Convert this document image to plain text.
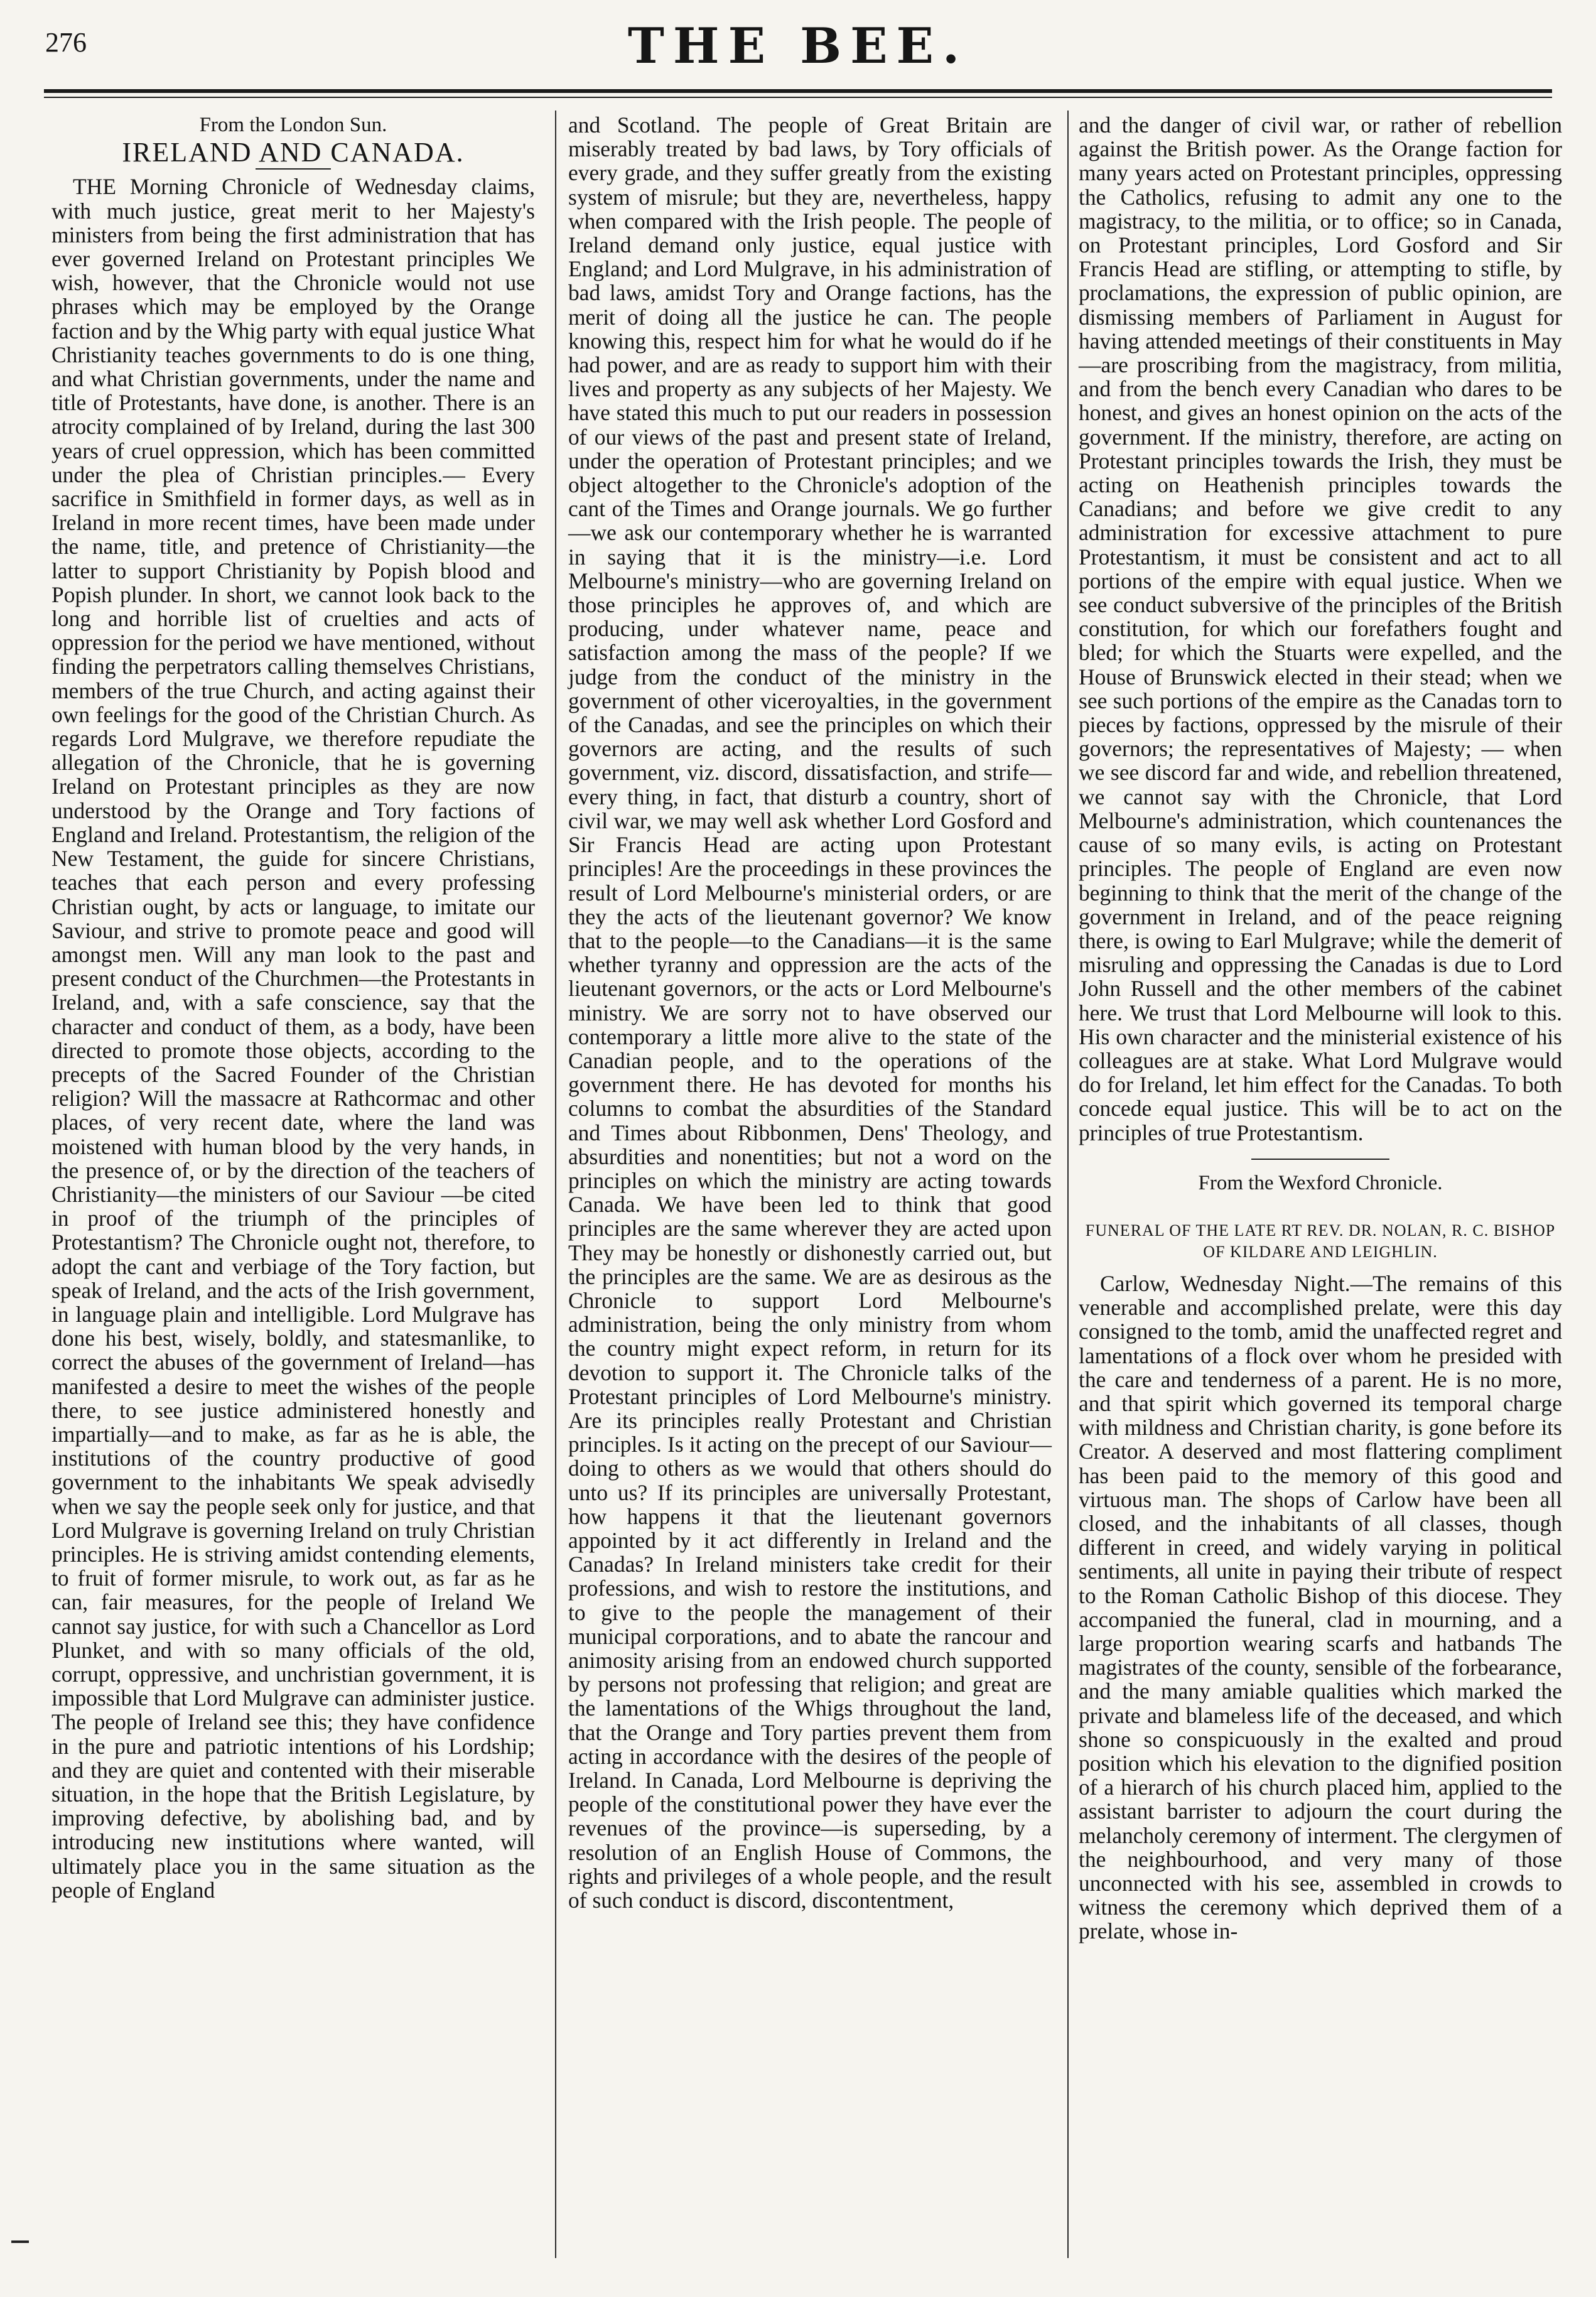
276	THE BEE.
From the London Sun.
IRELAND AND CANADA.

THE Morning Chronicle of Wednesday claims, with much justice, great merit to her Majesty's ministers from being the first administration that has ever governed Ireland on Protestant principles We wish, however, that the Chronicle would not use phrases which may be employed by the Orange faction and by the Whig party with equal justice What Christianity teaches governments to do is one thing, and what Christian governments, under the name and title of Protestants, have done, is another. There is an atrocity complained of by Ireland, during the last 300 years of cruel oppression, which has been committed under the plea of Christian principles.— Every sacrifice in Smithfield in former days, as well as in Ireland in more recent times, have been made under the name, title, and pretence of Christianity—the latter to support Christianity by Popish blood and Popish plunder. In short, we cannot look back to the long and horrible list of cruelties and acts of oppression for the period we have mentioned, without finding the perpetrators calling themselves Christians, members of the true Church, and acting against their own feelings for the good of the Christian Church. As regards Lord Mulgrave, we therefore repudiate the allegation of the Chronicle, that he is governing Ireland on Protestant principles as they are now understood by the Orange and Tory factions of England and Ireland. Protestantism, the religion of the New Testament, the guide for sincere Christians, teaches that each person and every professing Christian ought, by acts or language, to imitate our Saviour, and strive to promote peace and good will amongst men. Will any man look to the past and present conduct of the Churchmen—the Protestants in Ireland, and, with a safe conscience, say that the character and conduct of them, as a body, have been directed to promote those objects, according to the precepts of the Sacred Founder of the Christian religion? Will the massacre at Rathcormac and other places, of very recent date, where the land was moistened with human blood by the very hands, in the presence of, or by the direction of the teachers of Christianity—the ministers of our Saviour —be cited in proof of the triumph of the principles of Protestantism? The Chronicle ought not, therefore, to adopt the cant and verbiage of the Tory faction, but speak of Ireland, and the acts of the Irish government, in language plain and intelligible. Lord Mulgrave has done his best, wisely, boldly, and statesmanlike, to correct the abuses of the government of Ireland—has manifested a desire to meet the wishes of the people there, to see justice administered honestly and impartially—and to make, as far as he is able, the institutions of the country productive of good government to the inhabitants We speak advisedly when we say the people seek only for justice, and that Lord Mulgrave is governing Ireland on truly Christian principles. He is striving amidst contending elements, to fruit of former misrule, to work out, as far as he can, fair measures, for the people of Ireland We cannot say justice, for with such a Chancellor as Lord Plunket, and with so many officials of the old, corrupt, oppressive, and unchristian government, it is impossible that Lord Mulgrave can administer justice. The people of Ireland see this; they have confidence in the pure and patriotic intentions of his Lordship; and they are quiet and contented with their miserable situation, in the hope that the British Legislature, by improving defective, by abolishing bad, and by introducing new institutions where wanted, will ultimately place you in the same situation as the people of England

and Scotland. The people of Great Britain are miserably treated by bad laws, by Tory officials of every grade, and they suffer greatly from the existing system of misrule; but they are, nevertheless, happy when compared with the Irish people. The people of Ireland demand only justice, equal justice with England; and Lord Mulgrave, in his administration of bad laws, amidst Tory and Orange factions, has the merit of doing all the justice he can. The people knowing this, respect him for what he would do if he had power, and are as ready to support him with their lives and property as any subjects of her Majesty. We have stated this much to put our readers in possession of our views of the past and present state of Ireland, under the operation of Protestant principles; and we object altogether to the Chronicle's adoption of the cant of the Times and Orange journals. We go further—we ask our contemporary whether he is warranted in saying that it is the ministry—i.e. Lord Melbourne's ministry—who are governing Ireland on those principles he approves of, and which are producing, under whatever name, peace and satisfaction among the mass of the people? If we judge from the conduct of the ministry in the government of other viceroyalties, in the government of the Canadas, and see the principles on which their governors are acting, and the results of such government, viz. discord, dissatisfaction, and strife—every thing, in fact, that disturb a country, short of civil war, we may well ask whether Lord Gosford and Sir Francis Head are acting upon Protestant principles! Are the proceedings in these provinces the result of Lord Melbourne's ministerial orders, or are they the acts of the lieutenant governor? We know that to the people—to the Canadians—it is the same whether tyranny and oppression are the acts of the lieutenant governors, or the acts or Lord Melbourne's ministry. We are sorry not to have observed our contemporary a little more alive to the state of the Canadian people, and to the operations of the government there. He has devoted for months his columns to combat the absurdities of the Standard and Times about Ribbonmen, Dens' Theology, and absurdities and nonentities; but not a word on the principles on which the ministry are acting towards Canada. We have been led to think that good principles are the same wherever they are acted upon They may be honestly or dishonestly carried out, but the principles are the same. We are as desirous as the Chronicle to support Lord Melbourne's administration, being the only ministry from whom the country might expect reform, in return for its devotion to support it. The Chronicle talks of the Protestant principles of Lord Melbourne's ministry. Are its principles really Protestant and Christian principles. Is it acting on the precept of our Saviour—doing to others as we would that others should do unto us? If its principles are universally Protestant, how happens it that the lieutenant governors appointed by it act differently in Ireland and the Canadas? In Ireland ministers take credit for their professions, and wish to restore the institutions, and to give to the people the management of their municipal corporations, and to abate the rancour and animosity arising from an endowed church supported by persons not professing that religion; and great are the lamentations of the Whigs throughout the land, that the Orange and Tory parties prevent them from acting in accordance with the desires of the people of Ireland. In Canada, Lord Melbourne is depriving the people of the constitutional power they have ever the revenues of the province—is superseding, by a resolution of an English House of Commons, the rights and privileges of a whole people, and the result of such conduct is discord, discontentment,

and the danger of civil war, or rather of rebellion against the British power. As the Orange faction for many years acted on Protestant principles, oppressing the Catholics, refusing to admit any one to the magistracy, to the militia, or to office; so in Canada, on Protestant principles, Lord Gosford and Sir Francis Head are stifling, or attempting to stifle, by proclamations, the expression of public opinion, are dismissing members of Parliament in August for having attended meetings of their constituents in May—are proscribing from the magistracy, from militia, and from the bench every Canadian who dares to be honest, and gives an honest opinion on the acts of the government. If the ministry, therefore, are acting on Protestant principles towards the Irish, they must be acting on Heathenish principles towards the Canadians; and before we give credit to any administration for excessive attachment to pure Protestantism, it must be consistent and act to all portions of the empire with equal justice. When we see conduct subversive of the principles of the British constitution, for which our forefathers fought and bled; for which the Stuarts were expelled, and the House of Brunswick elected in their stead; when we see such portions of the empire as the Canadas torn to pieces by factions, oppressed by the misrule of their governors; the representatives of Majesty; — when we see discord far and wide, and rebellion threatened, we cannot say with the Chronicle, that Lord Melbourne's administration, which countenances the cause of so many evils, is acting on Protestant principles. The people of England are even now beginning to think that the merit of the change of the government in Ireland, and of the peace reigning there, is owing to Earl Mulgrave; while the demerit of misruling and oppressing the Canadas is due to Lord John Russell and the other members of the cabinet here. We trust that Lord Melbourne will look to this. His own character and the ministerial existence of his colleagues are at stake. What Lord Mulgrave would do for Ireland, let him effect for the Canadas. To both concede equal justice. This will be to act on the principles of true Protestantism.

From the Wexford Chronicle.
FUNERAL OF THE LATE RT REV. DR. NOLAN, R. C. BISHOP OF KILDARE AND LEIGHLIN.

Carlow, Wednesday Night.—The remains of this venerable and accomplished prelate, were this day consigned to the tomb, amid the unaffected regret and lamentations of a flock over whom he presided with the care and tenderness of a parent. He is no more, and that spirit which governed its temporal charge with mildness and Christian charity, is gone before its Creator. A deserved and most flattering compliment has been paid to the memory of this good and virtuous man. The shops of Carlow have been all closed, and the inhabitants of all classes, though different in creed, and widely varying in political sentiments, all unite in paying their tribute of respect to the Roman Catholic Bishop of this diocese. They accompanied the funeral, clad in mourning, and a large proportion wearing scarfs and hatbands The magistrates of the county, sensible of the forbearance, and the many amiable qualities which marked the private and blameless life of the deceased, and which shone so conspicuously in the exalted and proud position which his elevation to the dignified position of a hierarch of his church placed him, applied to the assistant barrister to adjourn the court during the melancholy ceremony of interment. The clergymen of the neighbourhood, and very many of those unconnected with his see, assembled in crowds to witness the ceremony which deprived them of a prelate, whose in-
